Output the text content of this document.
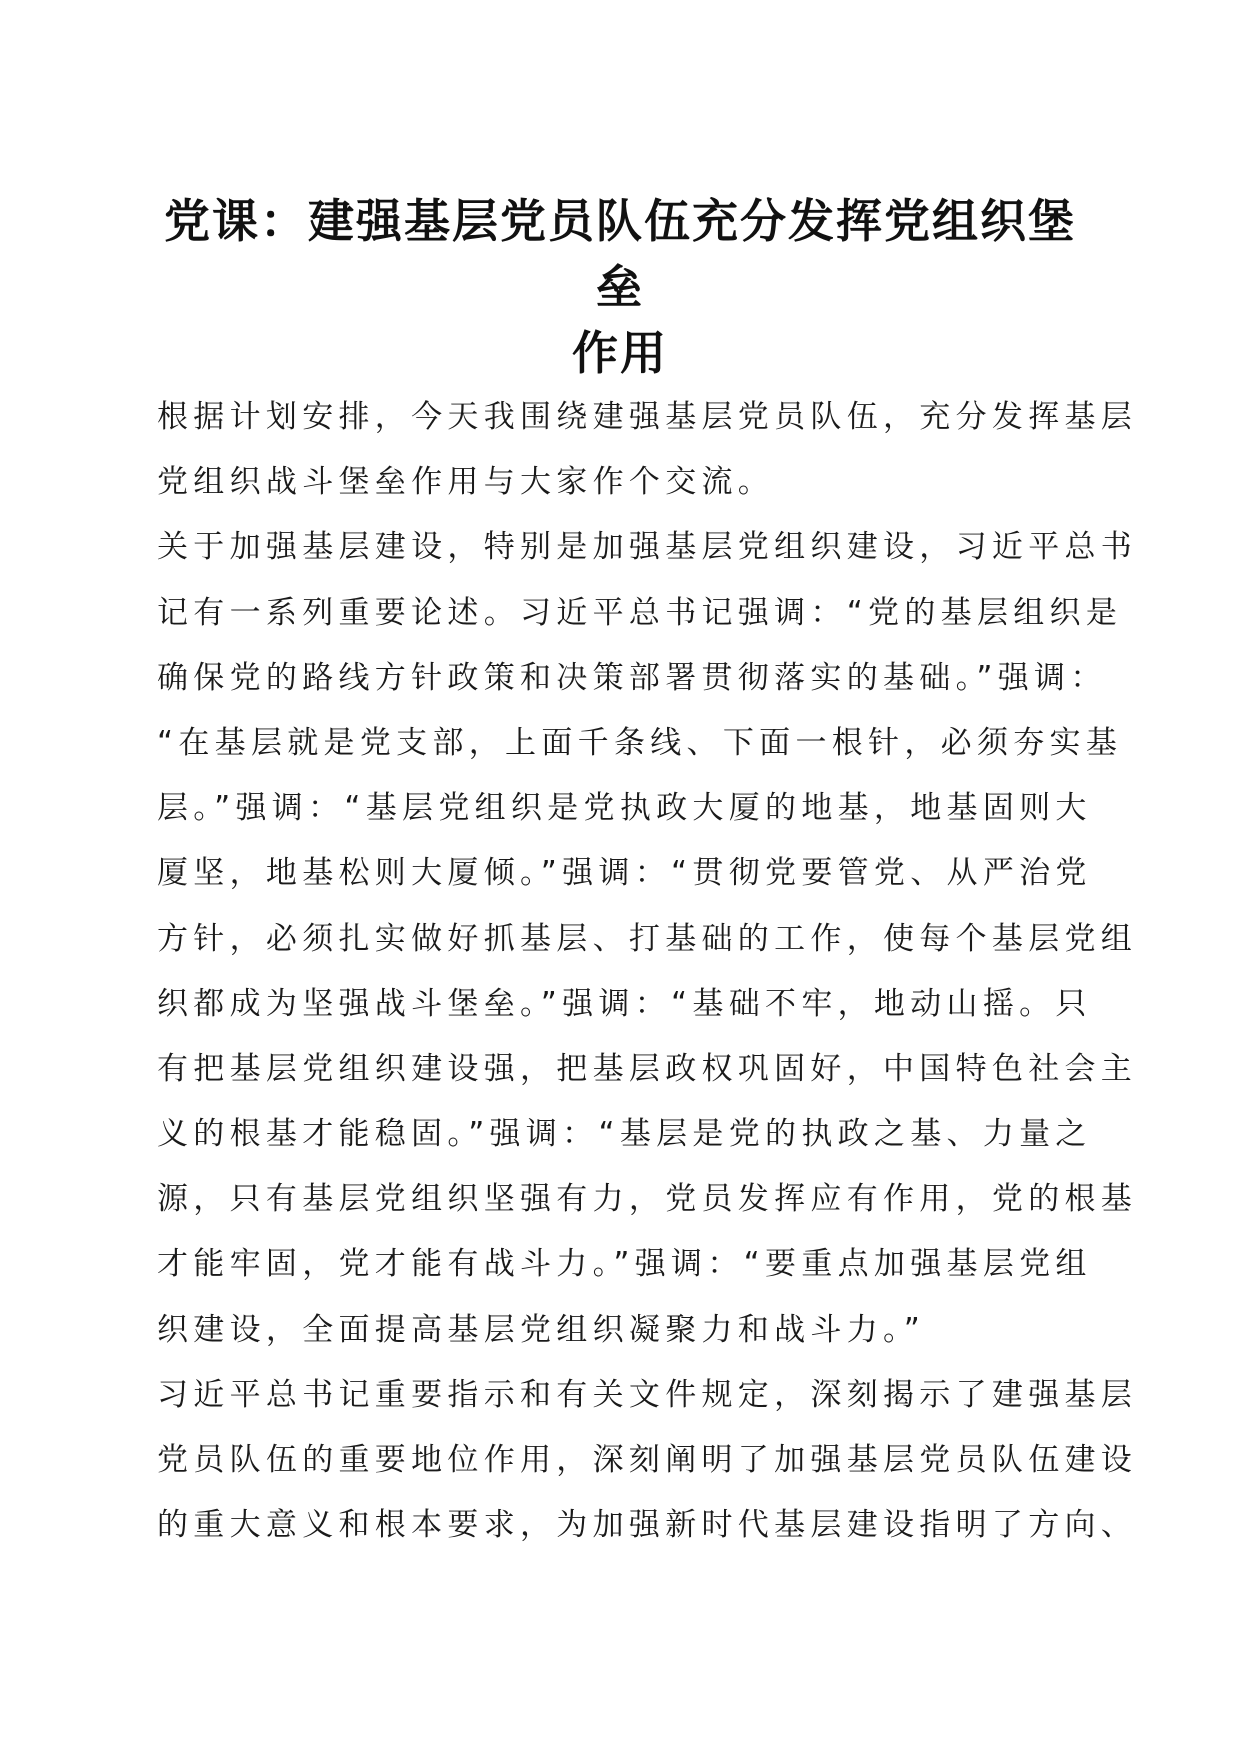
党课：建强基层党员队伍充分发挥党组织堡垒
作用
根据计划安排，今天我围绕建强基层党员队伍，充分发挥基层
党组织战斗堡垒作用与大家作个交流。
关于加强基层建设，特别是加强基层党组织建设，习近平总书
记有一系列重要论述。习近平总书记强调：“党的基层组织是
确保党的路线方针政策和决策部署贯彻落实的基础。”强调：
“在基层就是党支部，上面千条线、下面一根针，必须夯实基
层。”强调：“基层党组织是党执政大厦的地基，地基固则大
厦坚，地基松则大厦倾。”强调：“贯彻党要管党、从严治党
方针，必须扎实做好抓基层、打基础的工作，使每个基层党组
织都成为坚强战斗堡垒。”强调：“基础不牢，地动山摇。只
有把基层党组织建设强，把基层政权巩固好，中国特色社会主
义的根基才能稳固。”强调：“基层是党的执政之基、力量之
源，只有基层党组织坚强有力，党员发挥应有作用，党的根基
才能牢固，党才能有战斗力。”强调：“要重点加强基层党组
织建设，全面提高基层党组织凝聚力和战斗力。”
习近平总书记重要指示和有关文件规定，深刻揭示了建强基层
党员队伍的重要地位作用，深刻阐明了加强基层党员队伍建设
的重大意义和根本要求，为加强新时代基层建设指明了方向、
